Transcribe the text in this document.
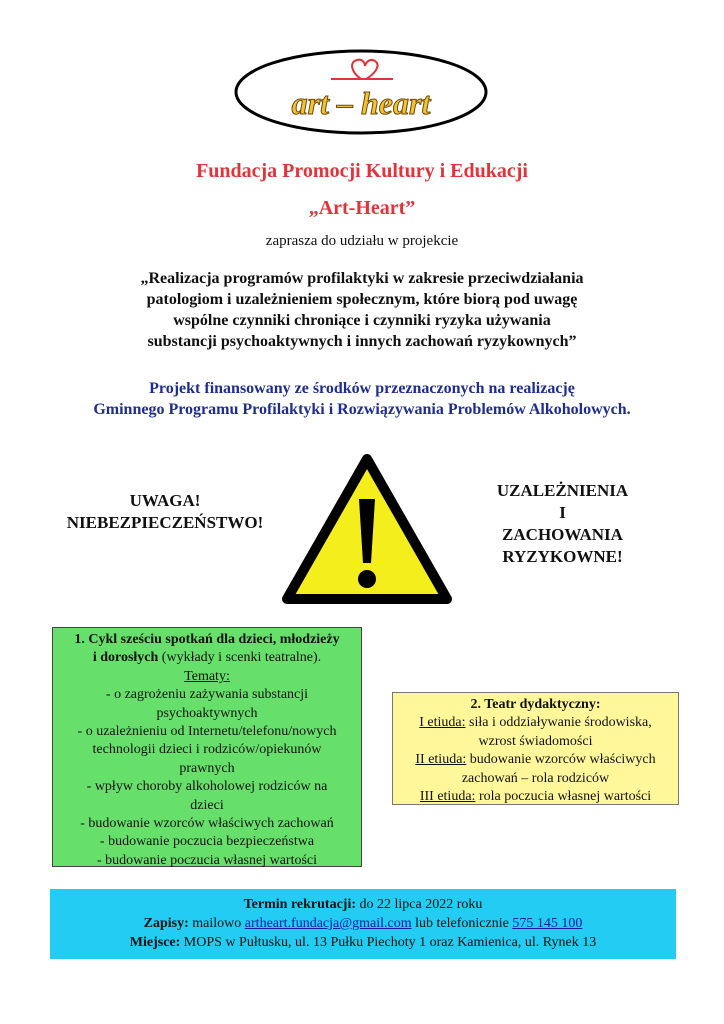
art – heart
Fundacja Promocji Kultury i Edukacji
„Art-Heart”
zaprasza do udziału w projekcie
„Realizacja programów profilaktyki w zakresie przeciwdziałania
patologiom i uzależnieniem społecznym, które biorą pod uwagę
wspólne czynniki chroniące i czynniki ryzyka używania
substancji psychoaktywnych i innych zachowań ryzykownych”
Projekt finansowany ze środków przeznaczonych na realizację
Gminnego Programu Profilaktyki i Rozwiązywania Problemów Alkoholowych.
UWAGA!
NIEBEZPIECZEŃSTWO!
UZALEŻNIENIA
I
ZACHOWANIA
RYZYKOWNE!
1. Cykl sześciu spotkań dla dzieci, młodzieży
i dorosłych (wykłady i scenki teatralne).
Tematy:
- o zagrożeniu zażywania substancji
psychoaktywnych
- o uzależnieniu od Internetu/telefonu/nowych
technologii dzieci i rodziców/opiekunów
prawnych
- wpływ choroby alkoholowej rodziców na
dzieci
- budowanie wzorców właściwych zachowań
- budowanie poczucia bezpieczeństwa
- budowanie poczucia własnej wartości
2. Teatr dydaktyczny:
I etiuda: siła i oddziaływanie środowiska,
wzrost świadomości
II etiuda: budowanie wzorców właściwych
zachowań – rola rodziców
III etiuda: rola poczucia własnej wartości
Termin rekrutacji: do 22 lipca 2022 roku
Zapisy: mailowo artheart.fundacja@gmail.com lub telefonicznie 575 145 100
Miejsce: MOPS w Pułtusku, ul. 13 Pułku Piechoty 1 oraz Kamienica, ul. Rynek 13
